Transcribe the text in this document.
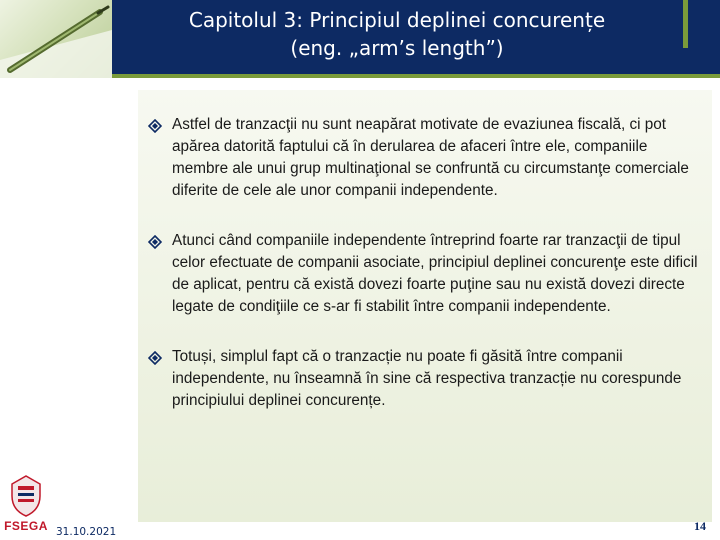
Capitolul 3: Principiul deplinei concurențe
(eng. „arm’s length”)
Astfel de tranzacţii nu sunt neapărat motivate de evaziunea fiscală, ci pot apărea datorită faptului că în derularea de afaceri între ele, companiile membre ale unui grup multinaţional se confruntă cu circumstanţe comerciale diferite de cele ale unor companii independente.
Atunci când companiile independente întreprind foarte rar tranzacţii de tipul celor efectuate de companii asociate, principiul deplinei concurenţe este dificil de aplicat, pentru că există dovezi foarte puţine sau nu există dovezi directe legate de condiţiile ce s-ar fi stabilit între companii independente.
Totuși, simplul fapt că o tranzacție nu poate fi găsită între companii independente, nu înseamnă în sine că respectiva tranzacție nu corespunde principiului deplinei concurențe.
FSEGA 31.10.2021	14
